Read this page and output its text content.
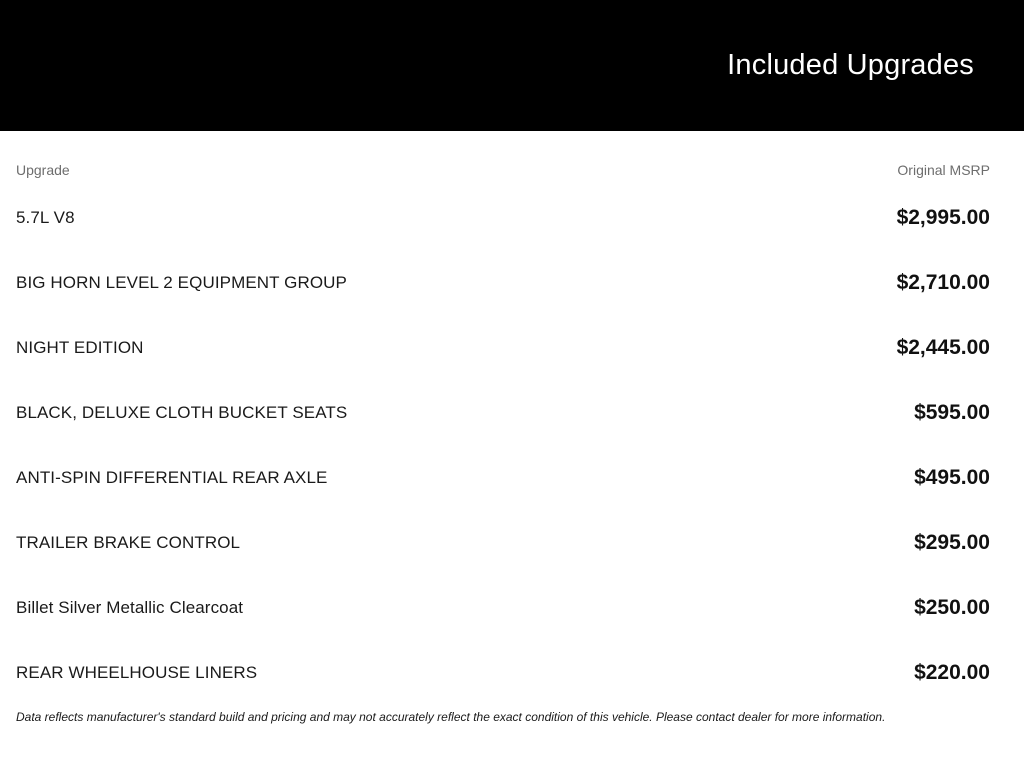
Included Upgrades
Upgrade	Original MSRP
5.7L V8	$2,995.00
BIG HORN LEVEL 2 EQUIPMENT GROUP	$2,710.00
NIGHT EDITION	$2,445.00
BLACK, DELUXE CLOTH BUCKET SEATS	$595.00
ANTI-SPIN DIFFERENTIAL REAR AXLE	$495.00
TRAILER BRAKE CONTROL	$295.00
Billet Silver Metallic Clearcoat	$250.00
REAR WHEELHOUSE LINERS	$220.00
Data reflects manufacturer's standard build and pricing and may not accurately reflect the exact condition of this vehicle. Please contact dealer for more information.
